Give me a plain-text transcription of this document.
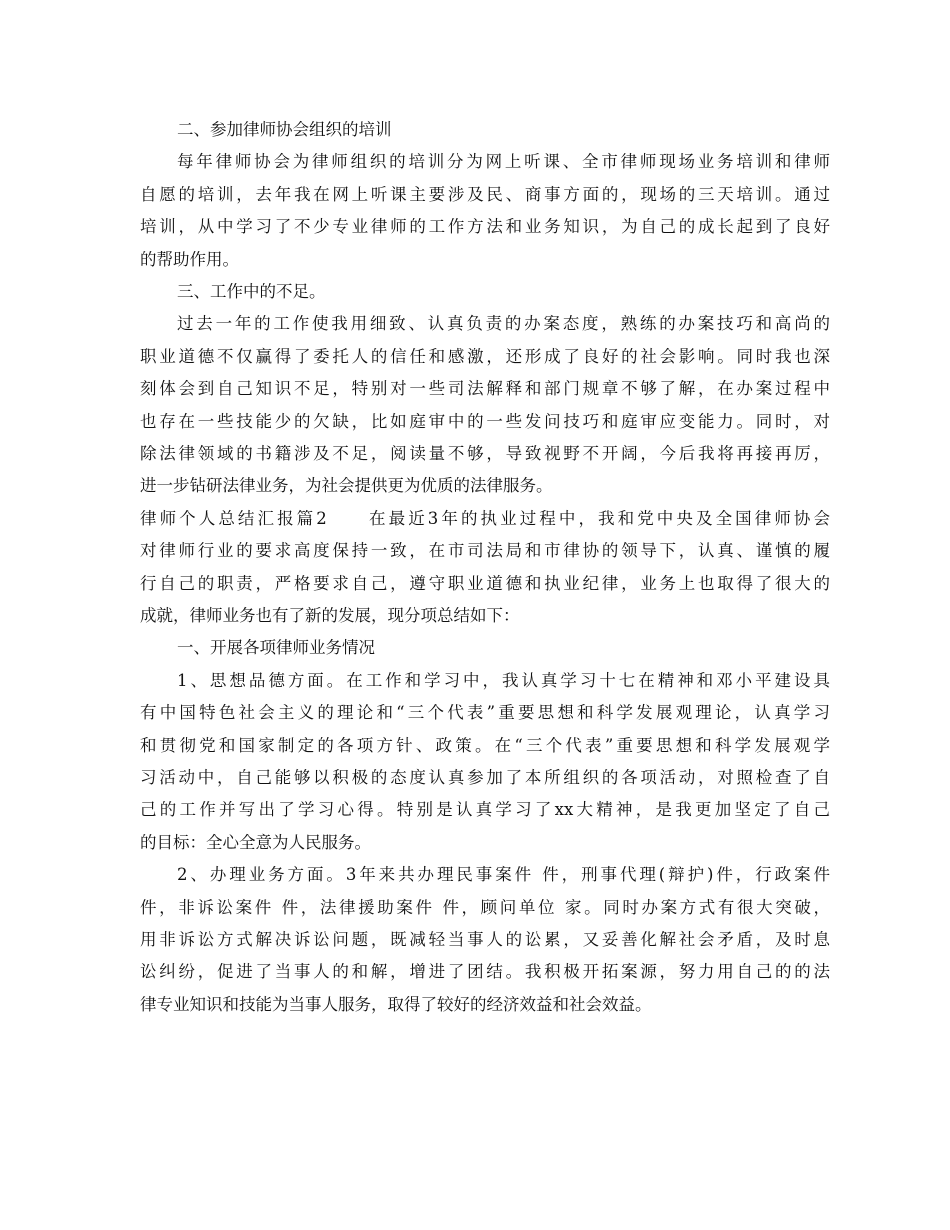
二、参加律师协会组织的培训
每年律师协会为律师组织的培训分为网上听课、全市律师现场业务培训和律师
自愿的培训，去年我在网上听课主要涉及民、商事方面的，现场的三天培训。通过
培训，从中学习了不少专业律师的工作方法和业务知识，为自己的成长起到了良好
的帮助作用。
三、工作中的不足。
过去一年的工作使我用细致、认真负责的办案态度，熟练的办案技巧和高尚的
职业道德不仅赢得了委托人的信任和感激，还形成了良好的社会影响。同时我也深
刻体会到自己知识不足，特别对一些司法解释和部门规章不够了解，在办案过程中
也存在一些技能少的欠缺，比如庭审中的一些发问技巧和庭审应变能力。同时，对
除法律领域的书籍涉及不足，阅读量不够，导致视野不开阔，今后我将再接再厉，
进一步钻研法律业务，为社会提供更为优质的法律服务。
律师个人总结汇报篇2　　在最近3年的执业过程中，我和党中央及全国律师协会
对律师行业的要求高度保持一致，在市司法局和市律协的领导下，认真、谨慎的履
行自己的职责，严格要求自己，遵守职业道德和执业纪律，业务上也取得了很大的
成就，律师业务也有了新的发展，现分项总结如下：
一、开展各项律师业务情况
1、思想品德方面。在工作和学习中，我认真学习十七在精神和邓小平建设具
有中国特色社会主义的理论和“三个代表”重要思想和科学发展观理论，认真学习
和贯彻党和国家制定的各项方针、政策。在“三个代表”重要思想和科学发展观学
习活动中，自己能够以积极的态度认真参加了本所组织的各项活动，对照检查了自
己的工作并写出了学习心得。特别是认真学习了xx大精神，是我更加坚定了自己
的目标：全心全意为人民服务。
2、办理业务方面。3年来共办理民事案件 件，刑事代理(辩护)件，行政案件
件，非诉讼案件 件，法律援助案件 件，顾问单位 家。同时办案方式有很大突破，
用非诉讼方式解决诉讼问题，既减轻当事人的讼累，又妥善化解社会矛盾，及时息
讼纠纷，促进了当事人的和解，增进了团结。我积极开拓案源，努力用自己的的法
律专业知识和技能为当事人服务，取得了较好的经济效益和社会效益。
